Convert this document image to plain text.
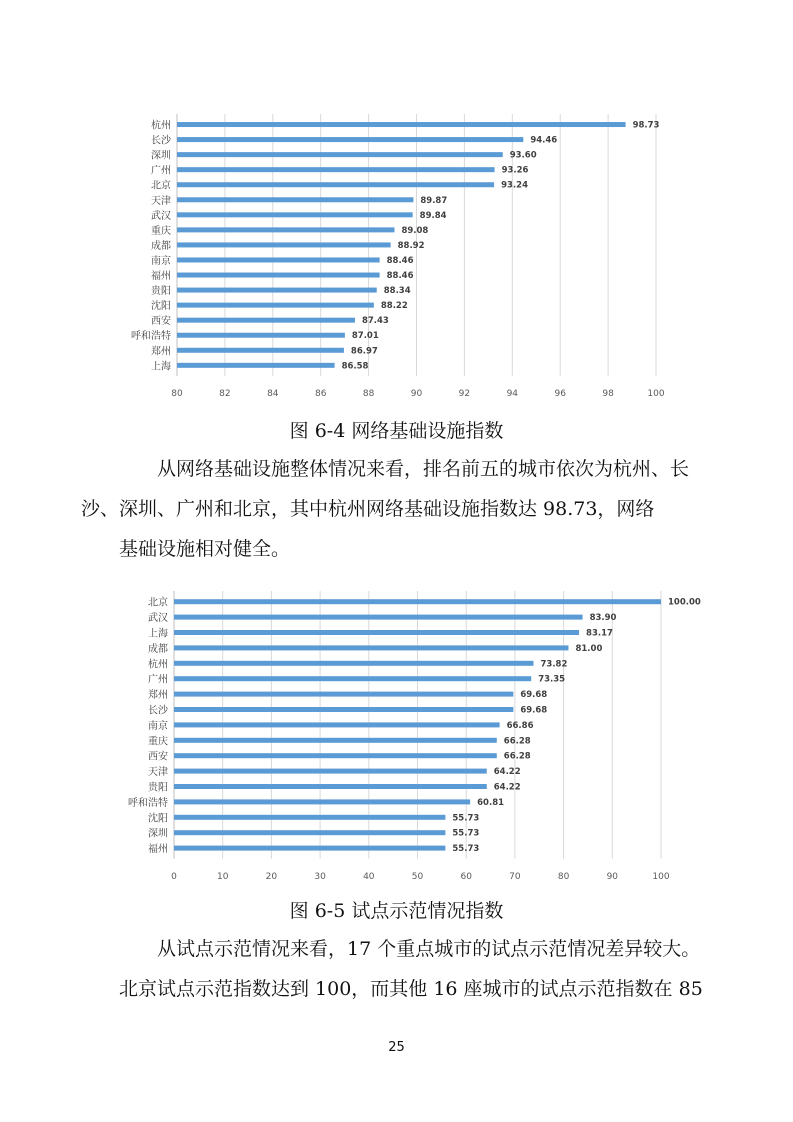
80	82	84	86	88	90	92	94	96	98	100
杭州	98.73
长沙	94.46
深圳	93.60
广州	93.26
北京	93.24
天津	89.87
武汉	89.84
重庆	89.08
成都	88.92
南京	88.46
福州	88.46
贵阳	88.34
沈阳	88.22
西安	87.43
呼和浩特	87.01
郑州	86.97
上海	86.58
图 6-4 网络基础设施指数
从网络基础设施整体情况来看，排名前五的城市依次为杭州、长
沙、深圳、广州和北京，其中杭州网络基础设施指数达 98.73，网络
基础设施相对健全。
0	10	20	30	40	50	60	70	80	90	100
北京	100.00
武汉	83.90
上海	83.17
成都	81.00
杭州	73.82
广州	73.35
郑州	69.68
长沙	69.68
南京	66.86
重庆	66.28
西安	66.28
天津	64.22
贵阳	64.22
呼和浩特	60.81
沈阳	55.73
深圳	55.73
福州	55.73
图 6-5 试点示范情况指数
从试点示范情况来看，17 个重点城市的试点示范情况差异较大。
北京试点示范指数达到 100，而其他 16 座城市的试点示范指数在 85
25
